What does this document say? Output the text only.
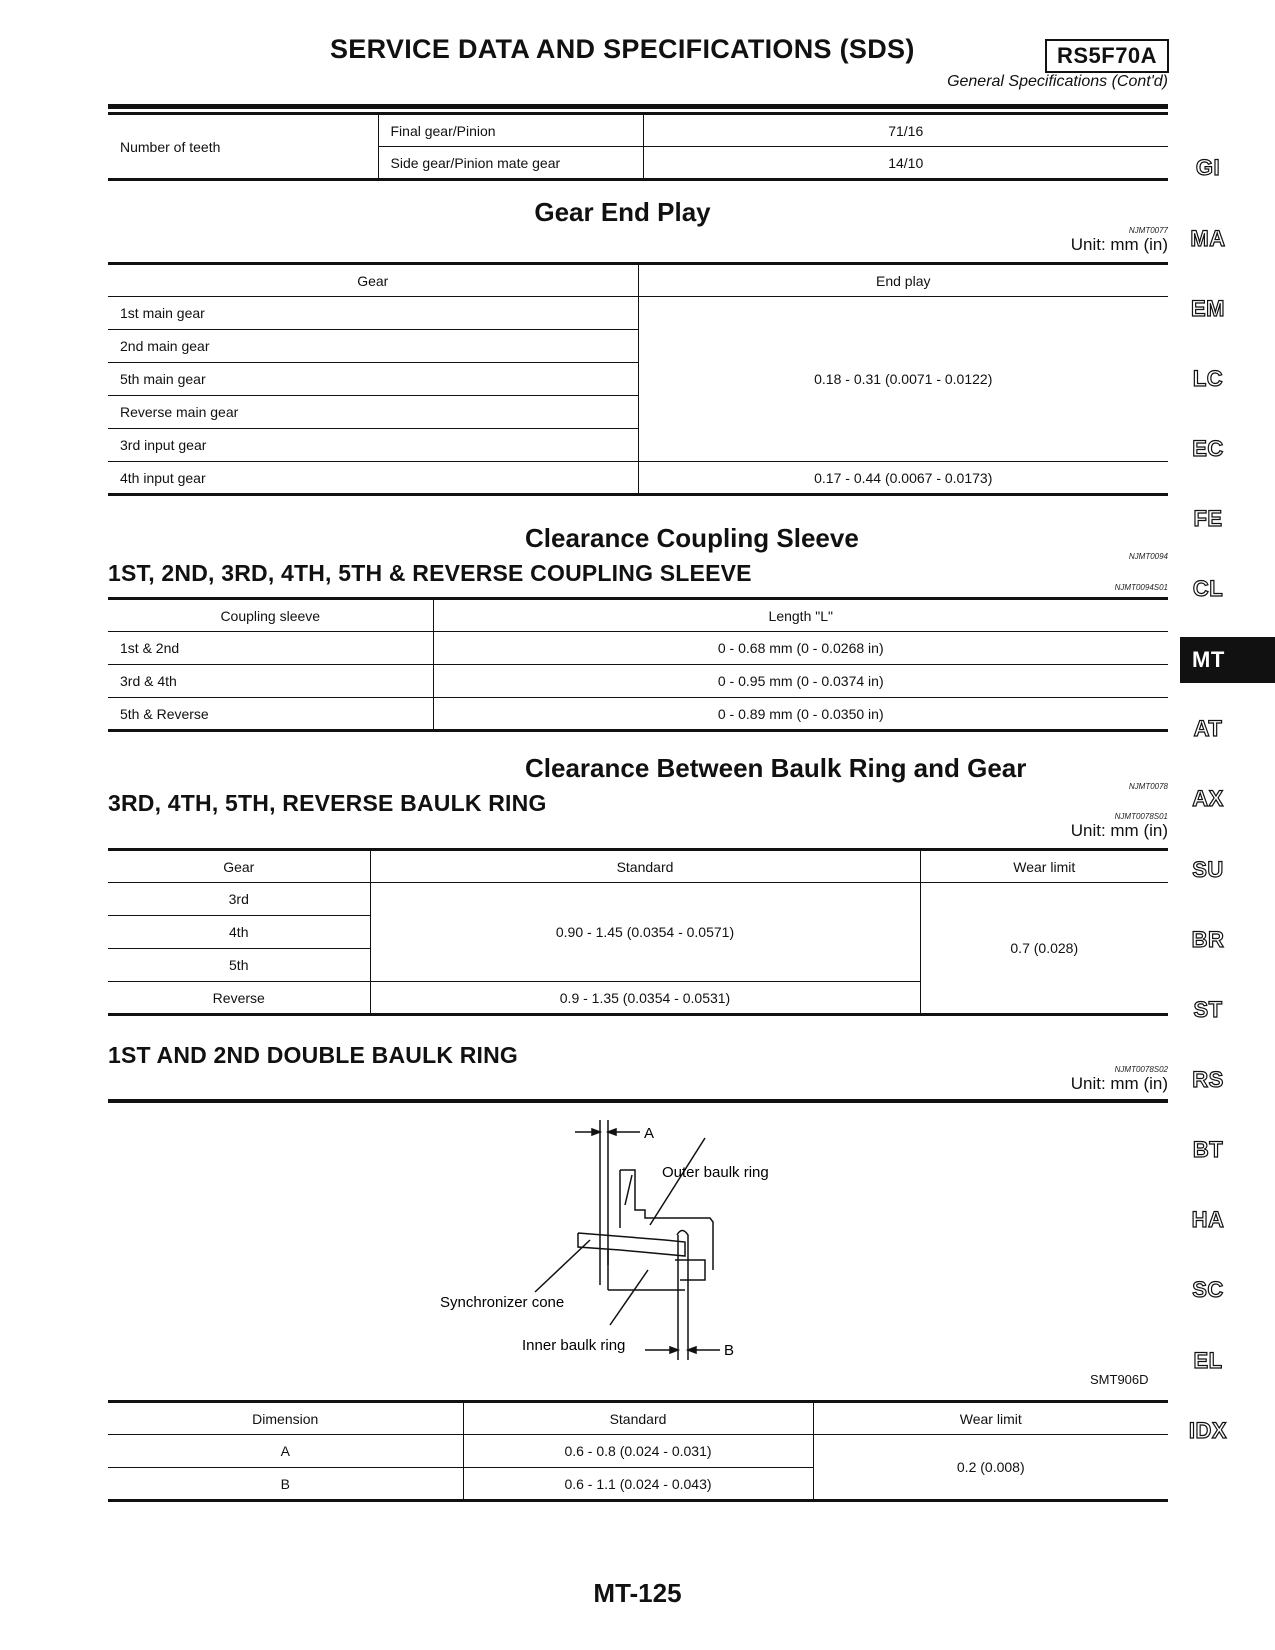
SERVICE DATA AND SPECIFICATIONS (SDS)	RS5F70A
General Specifications (Cont'd)
Number of teeth	Final gear/Pinion	71/16
	Side gear/Pinion mate gear	14/10
Gear End Play
NJMT0077
Unit: mm (in)
Gear	End play
1st main gear	0.18 - 0.31 (0.0071 - 0.0122)
2nd main gear	
5th main gear	
Reverse main gear	
3rd input gear	
4th input gear	0.17 - 0.44 (0.0067 - 0.0173)
Clearance Coupling Sleeve
NJMT0094
1ST, 2ND, 3RD, 4TH, 5TH & REVERSE COUPLING SLEEVE
NJMT0094S01
Coupling sleeve	Length "L"
1st & 2nd	0 - 0.68 mm (0 - 0.0268 in)
3rd & 4th	0 - 0.95 mm (0 - 0.0374 in)
5th & Reverse	0 - 0.89 mm (0 - 0.0350 in)
Clearance Between Baulk Ring and Gear
NJMT0078
3RD, 4TH, 5TH, REVERSE BAULK RING
NJMT0078S01
Unit: mm (in)
Gear	Standard	Wear limit
3rd	0.90 - 1.45 (0.0354 - 0.0571)	0.7 (0.028)
4th		
5th		
Reverse	0.9 - 1.35 (0.0354 - 0.0531)	
1ST AND 2ND DOUBLE BAULK RING
NJMT0078S02
Unit: mm (in)
A
B
Outer baulk ring
Synchronizer cone
Inner baulk ring
SMT906D
Dimension	Standard	Wear limit
A	0.6 - 0.8 (0.024 - 0.031)	0.2 (0.008)
B	0.6 - 1.1 (0.024 - 0.043)	
GI
MA
EM
LC
EC
FE
CL
MT
AT
AX
SU
BR
ST
RS
BT
HA
SC
EL
IDX
MT-125
